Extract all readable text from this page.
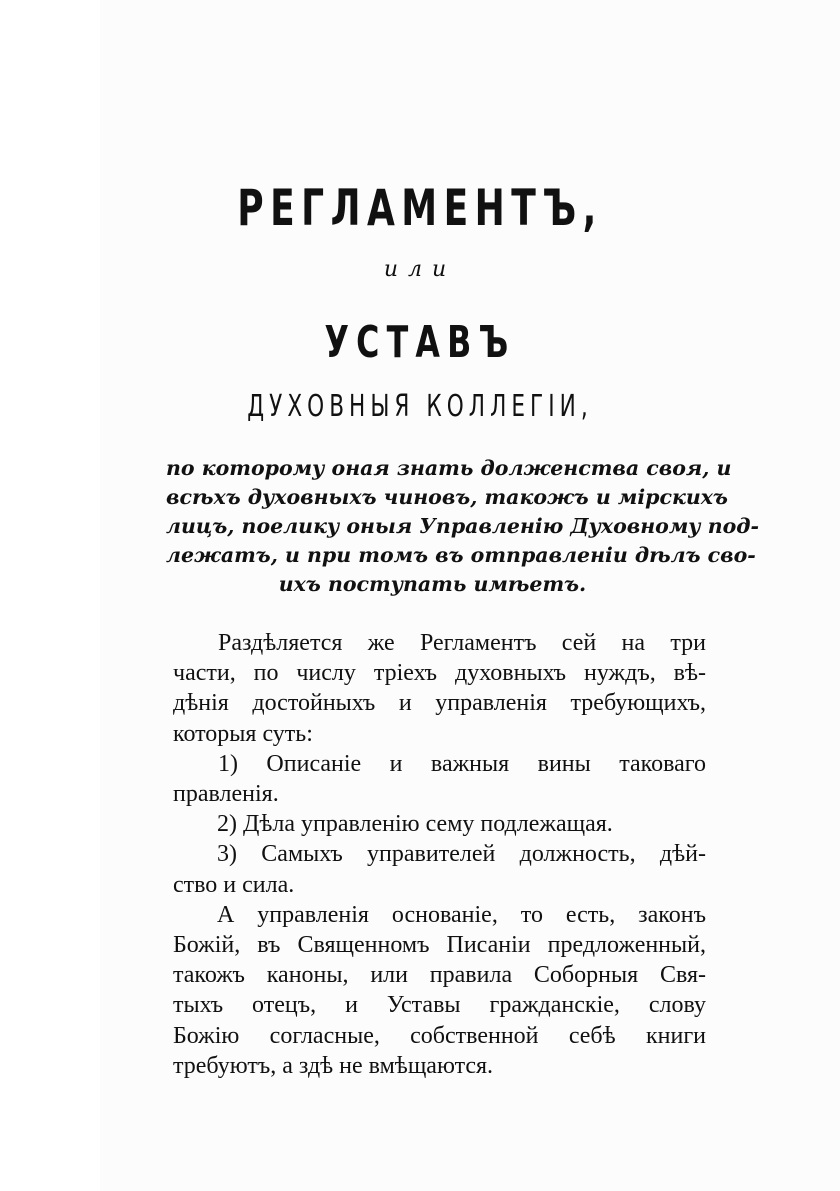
РЕГЛАМЕНТЪ,
или
УСТАВЪ
ДУХОВНЫЯ КОЛЛЕГIИ,

по которому оная знать долженства своя, и
всѣхъ духовныхъ чиновъ, такожъ и мiрскихъ
лицъ, поелику оныя Управленiю Духовному под-
лежатъ, и при томъ въ отправленiи дѣлъ сво-
ихъ поступать имѣетъ.

Раздѣляется же Регламентъ сей на три
части, по числу трiехъ духовныхъ нуждъ, вѣ-
дѣнiя достойныхъ и управленiя требующихъ,
которыя суть:
1) Описанiе и важныя вины таковаго
правленiя.
2) Дѣла управленiю сему подлежащая.
3) Самыхъ управителей должность, дѣй-
ство и сила.
А управленiя основанiе, то есть, законъ
Божiй, въ Священномъ Писанiи предложенный,
такожъ каноны, или правила Соборныя Свя-
тыхъ отецъ, и Уставы гражданскiе, слову
Божiю согласные, собственной себѣ книги
требуютъ, а здѣ не вмѣщаются.
